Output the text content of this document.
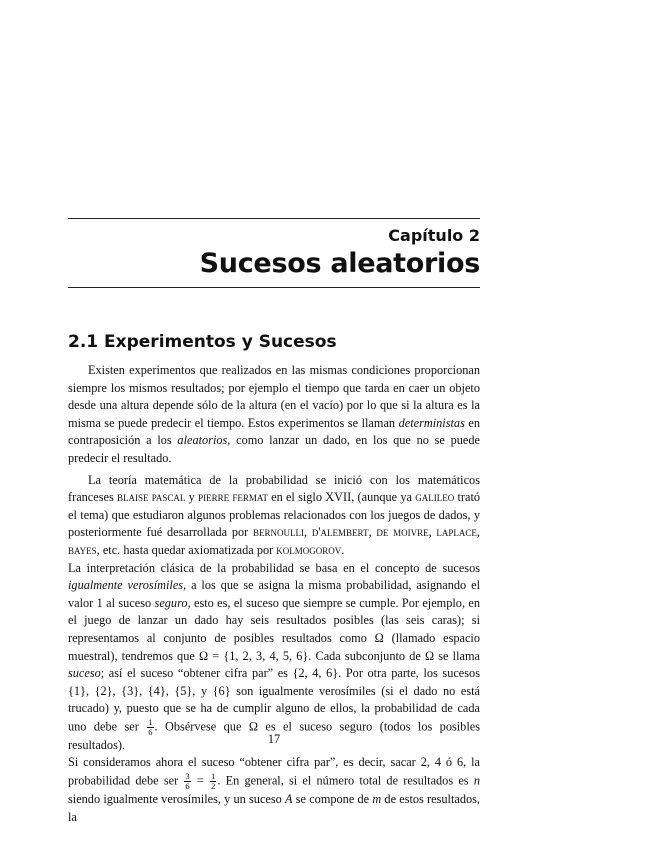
Capítulo 2
Sucesos aleatorios
2.1 Experimentos y Sucesos

Existen experimentos que realizados en las mismas condiciones proporcionan siempre los mismos resultados; por ejemplo el tiempo que tarda en caer un objeto desde una altura depende sólo de la altura (en el vacío) por lo que si la altura es la misma se puede predecir el tiempo. Estos experimentos se llaman deterministas en contraposición a los aleatorios, como lanzar un dado, en los que no se puede predecir el resultado.

La teoría matemática de la probabilidad se inició con los matemáticos franceses blaise pascal y pierre fermat en el siglo XVII, (aunque ya galileo trató el tema) que estudiaron algunos problemas relacionados con los juegos de dados, y posteriormente fué desarrollada por bernoulli, d'alembert, de moivre, laplace, bayes, etc. hasta quedar axiomatizada por kolmogorov.

La interpretación clásica de la probabilidad se basa en el concepto de sucesos igualmente verosímiles, a los que se asigna la misma probabilidad, asignando el valor 1 al suceso seguro, esto es, el suceso que siempre se cumple. Por ejemplo, en el juego de lanzar un dado hay seis resultados posibles (las seis caras); si representamos al conjunto de posibles resultados como Ω (llamado espacio muestral), tendremos que Ω = {1, 2, 3, 4, 5, 6}. Cada subconjunto de Ω se llama suceso; así el suceso “obtener cifra par” es {2, 4, 6}. Por otra parte, los sucesos {1}, {2}, {3}, {4}, {5}, y {6} son igualmente verosímiles (si el dado no está trucado) y, puesto que se ha de cumplir alguno de ellos, la probabilidad de cada uno debe ser $\frac{1}{6}$ . Obsérvese que Ω es el suceso seguro (todos los posibles resultados).

Si consideramos ahora el suceso “obtener cifra par”, es decir, sacar 2, 4 ó 6, la probabilidad debe ser $\frac{3}{6} = \frac{1}{2}$ . En general, si el número total de resultados es n siendo igualmente verosímiles, y un suceso A se compone de m de estos resultados, la

17
